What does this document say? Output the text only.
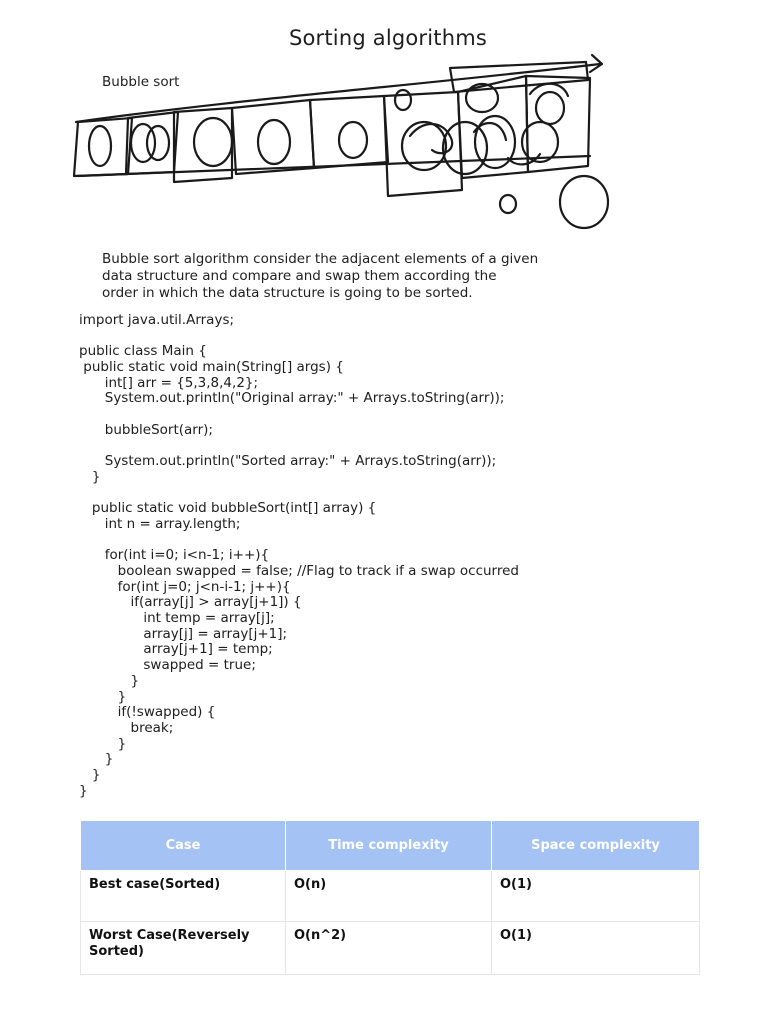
Sorting algorithms
Bubble sort
Bubble sort algorithm consider the adjacent elements of a given
data structure and compare and swap them according the
order in which the data structure is going to be sorted.
import java.util.Arrays;
public class Main {
public static void main(String[] args) {
int[] arr = {5,3,8,4,2};
System.out.println("Original array:" + Arrays.toString(arr));
bubbleSort(arr);
System.out.println("Sorted array:" + Arrays.toString(arr));
}
public static void bubbleSort(int[] array) {
int n = array.length;
for(int i=0; i<n-1; i++){
boolean swapped = false; //Flag to track if a swap occurred
for(int j=0; j<n-i-1; j++){
if(array[j] > array[j+1]) {
int temp = array[j];
array[j] = array[j+1];
array[j+1] = temp;
swapped = true;
}
}
if(!swapped) {
break;
}
}
}
}
Case	Time complexity	Space complexity
Best case(Sorted)	O(n)	O(1)
Worst Case(Reversely Sorted)	O(n^2)	O(1)
